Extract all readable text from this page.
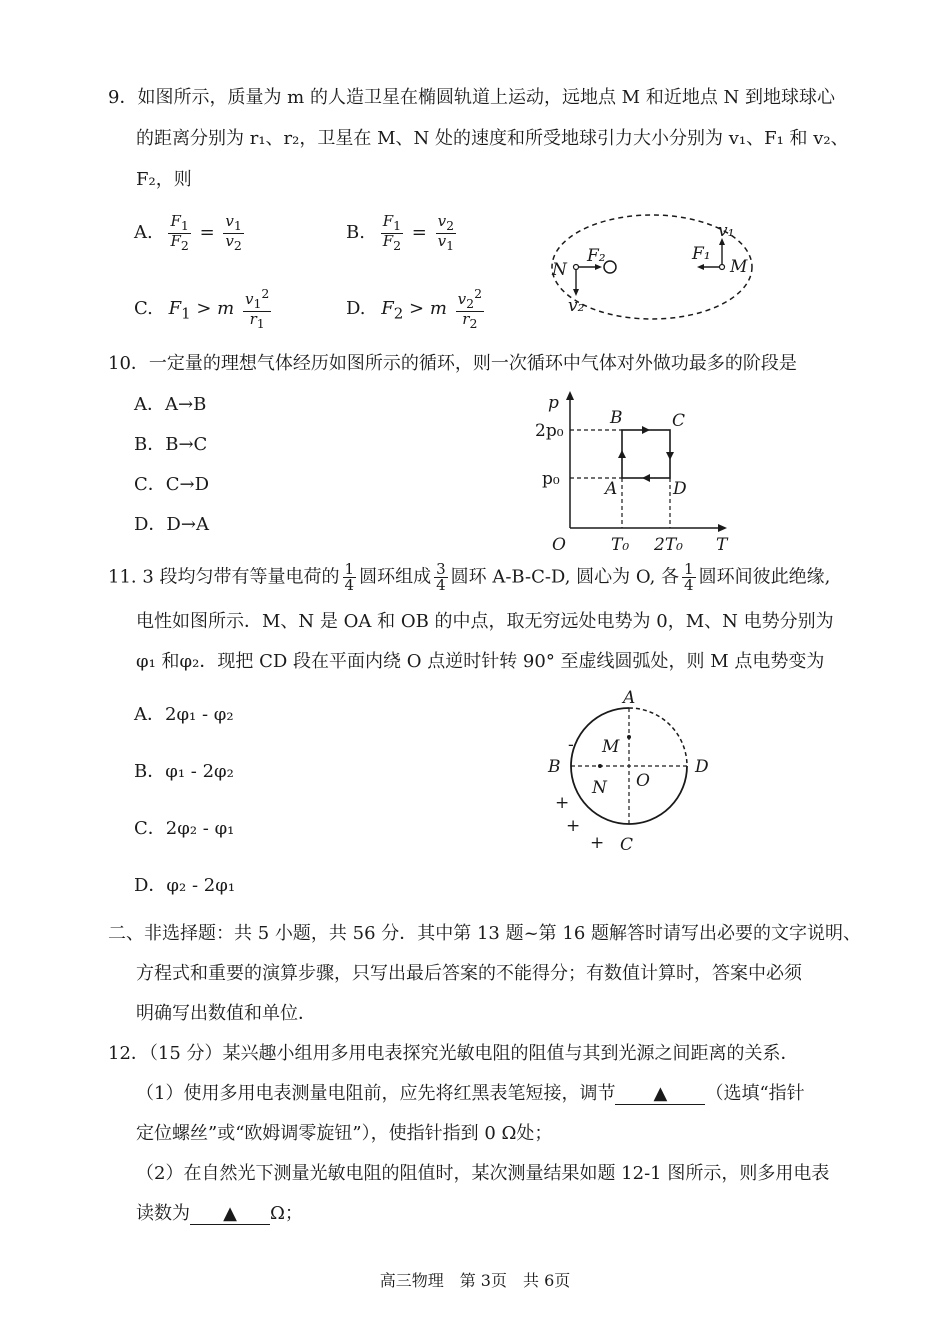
9．如图所示，质量为 m 的人造卫星在椭圆轨道上运动，远地点 M 和近地点 N 到地球球心
的距离分别为 r₁、r₂，卫星在 M、N 处的速度和所受地球引力大小分别为 v₁、F₁ 和 v₂、
F₂，则
A. $\frac{F_1}{F_2} = \frac{v_1}{v_2}$	B. $\frac{F_1}{F_2} = \frac{v_2}{v_1}$
C. $F_1 > m \frac{v_1^2}{r_1}$	D. $F_2 > m \frac{v_2^2}{r_2}$
N
F₂
v₂
F₁
v₁
M
10．一定量的理想气体经历如图所示的循环，则一次循环中气体对外做功最多的阶段是
A．A→B
B．B→C
C．C→D
D．D→A
p
2p₀
p₀
O	T₀ 2T₀ T
B	C
A	D
11. 3 段均匀带有等量电荷的 $\frac{1}{4}$ 圆环组成 $\frac{3}{4}$ 圆环 A-B-C-D, 圆心为 O, 各 $\frac{1}{4}$ 圆环间彼此绝缘,
电性如图所示．M、N 是 OA 和 OB 的中点，取无穷远处电势为 0，M、N 电势分别为
φ₁ 和φ₂．现把 CD 段在平面内绕 O 点逆时针转 90° 至虚线圆弧处，则 M 点电势变为
A．2φ₁ - φ₂
B．φ₁ - 2φ₂
C．2φ₂ - φ₁
D．φ₂ - 2φ₁
A
B
C
D
O
M
N
-
+
+
+
二、非选择题：共 5 小题，共 56 分．其中第 13 题~第 16 题解答时请写出必要的文字说明、
方程式和重要的演算步骤，只写出最后答案的不能得分；有数值计算时，答案中必须
明确写出数值和单位．
12．（15 分）某兴趣小组用多用电表探究光敏电阻的阻值与其到光源之间距离的关系．
（1）使用多用电表测量电阻前，应先将红黑表笔短接，调节 ▲ （选填“指针
定位螺丝”或“欧姆调零旋钮”），使指针指到 0 Ω处；
（2）在自然光下测量光敏电阻的阻值时，某次测量结果如题 12-1 图所示，则多用电表
读数为 ▲ Ω；
高三物理　第 3页　共 6页
